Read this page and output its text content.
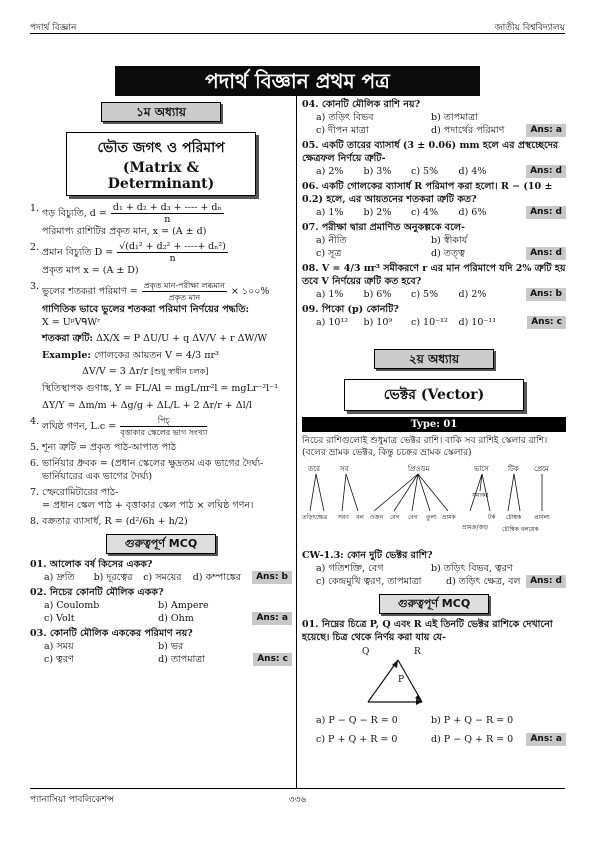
পদার্থ বিজ্ঞান	জাতীয় বিশ্ববিদ্যালয়
পদার্থ বিজ্ঞান প্রথম পত্র
১ম অধ্যায়
ভৌত জগৎ ও পরিমাপ
(Matrix & Determinant)
1. গড় বিচ্যুতি, $d = \frac{\text{d₁ + d₂ + d₃ + ---- + dₙ}}{n}$
পরিমাপ্য রাশিটির প্রকৃত মান, x = (A ± d)
2. প্রমান বিচ্যুতি $D = \frac{\text{√(d₁² + d₂² + ----+ dₙ²)}}{n}$
প্রকৃত মাপ x = (A ± D)
3. ভুলের শতকরা পরিমাণ = $\frac{\text{প্রকৃত মান-পরীক্ষা লব্ধমান}}{\text{প্রকৃত মান}}$ × ১০০%
গাণিতিক ভাবে ভুলের শতকরা পরিমাণ নির্ণয়ের পদ্ধতি:
X = UᵖVᑫWʳ
শতকরা ত্রুটি: ΔX/X = P ΔU/U + q ΔV/V + r ΔW/W
Example: গোলকের আয়তন V = 4/3 πr³
ΔV/V = 3 Δr/r [শুধু স্বাধীন চলক]
স্থিতিস্থাপক গুণাঙ্ক, Y = FL/Al = mgL/πr²l = mgLr⁻²l⁻¹
ΔY/Y = Δm/m + Δg/g + ΔL/L + 2 Δr/r + Δl/l
4. লঘিষ্ঠ গণন, $L.c = \frac{\text{পিচ্}}{\text{বৃত্তাকার স্কেলের ভাগ সংখ্যা}}$
5. শূন্য ত্রুটি = প্রকৃত পাঠ-আপাত পাঠ
6. ভার্নিয়ার ধ্রুবক = (প্রধান স্কেলের ক্ষুদ্রতম এক ভাগের দৈর্ঘ্য-ভার্নিয়ারের এক ভাগের দৈর্ঘ্য)
7. স্ফেরোমিটারের পাঠ-
= প্রধান স্কেল পাঠ + বৃত্তাকার স্কেল পাঠ × লঘিষ্ঠ গণন।
8. বক্রতার ব্যাসার্ধ, R = (d²/6h + h/2)
গুরুত্বপূর্ণ MCQ
01. আলোক বর্ষ কিসের একক?
a) দ্রুতি	b) দূরত্বের	c) সময়ের	d) কম্পাঙ্কের	Ans: b
02. নিচের কোনটি মৌলিক একক?
a) Coulomb	b) Ampere
c) Volt	d) Ohm	Ans: a
03. কোনটি মৌলিক এককের পরিমাণ নয়?
a) সময়	b) ভর
c) ত্বরণ	d) তাপমাত্রা	Ans: c
04. কোনটি মৌলিক রাশি নয়?
a) তড়িৎ বিভব	b) তাপমাত্রা
c) দীপন মাত্রা	d) পদার্থের পরিমাণ	Ans: a
05. একটি তারের ব্যাসার্ধ (3 ± 0.06) mm হলে এর প্রস্থচ্ছেদের ক্ষেত্রফল নির্ণয়ে ত্রুটি-
a) 2%	b) 3%	c) 5%	d) 4%	Ans: d
06. একটি গোলকের ব্যাসার্ধ R পরিমাপ করা হলো। R − (10 ± 0.2) হলে, এর আয়তনের শতকরা ত্রুটি কত?
a) 1%	b) 2%	c) 4%	d) 6%	Ans: d
07. পরীক্ষা দ্বারা প্রমাণিত অনুকল্পকে বলে-
a) নীতি	b) স্বীকার্য
c) সূত্র	d) তত্ত্ব	Ans: d
08. V = 4/3 πr³ সমীকরণে r এর মান পরিমাপে যদি 2% ত্রুটি হয় তবে V নির্ণয়ের ত্রুটি কত হবে?
a) 1%	b) 6%	c) 5%	d) 2%	Ans: b
09. পিকো (p) কোনটি?
a) 10¹²	b) 10⁹	c) 10⁻¹²	d) 10⁻¹¹	Ans: c
২য় অধ্যায়
ভেক্টর (Vector)
Type: 01
নিচের রাশিগুলোই শুধুমাত্র ভেক্টর রাশি। বাকি সব রাশিই স্কেলার রাশি। (বলের ভ্রামক ভেক্টর, কিন্তু চক্রের ভ্রামক স্কেলার)
তরে	সব	প্রিওডম	ভাসে	টিক প্রেমে
তড়িৎক্ষেত্র সরণ বল ওজন বেগ বেগ তুল্য ভ্রামক	টর্ক চৌম্বক প্রাবল্য
সমাকর
ভ্রামক্র/জড় চৌম্বিক বলয়েক
CW-1.3: কোন দুটি ভেক্টর রাশি?
a) গতিশক্তি, বেগ	b) তড়িৎ বিভব, ত্বরণ
c) কেন্দ্রমুখি ত্বরণ, তাপমাত্রা	d) তড়িৎ ক্ষেত্র, বল	Ans: d
গুরুত্বপূর্ণ MCQ
01. নিম্নের চিত্রে P, Q এবং R এই তিনটি ভেক্টর রাশিকে দেখানো হয়েছে। চিত্র থেকে নির্ণয় করা যায় যে-
Q	R
P
a) P − Q − R = 0	b) P + Q − R = 0
c) P + Q + R = 0	d) P − Q + R = 0	Ans: a
প্যানাসিয়া পাবলিকেশন্স	৩৩৬
